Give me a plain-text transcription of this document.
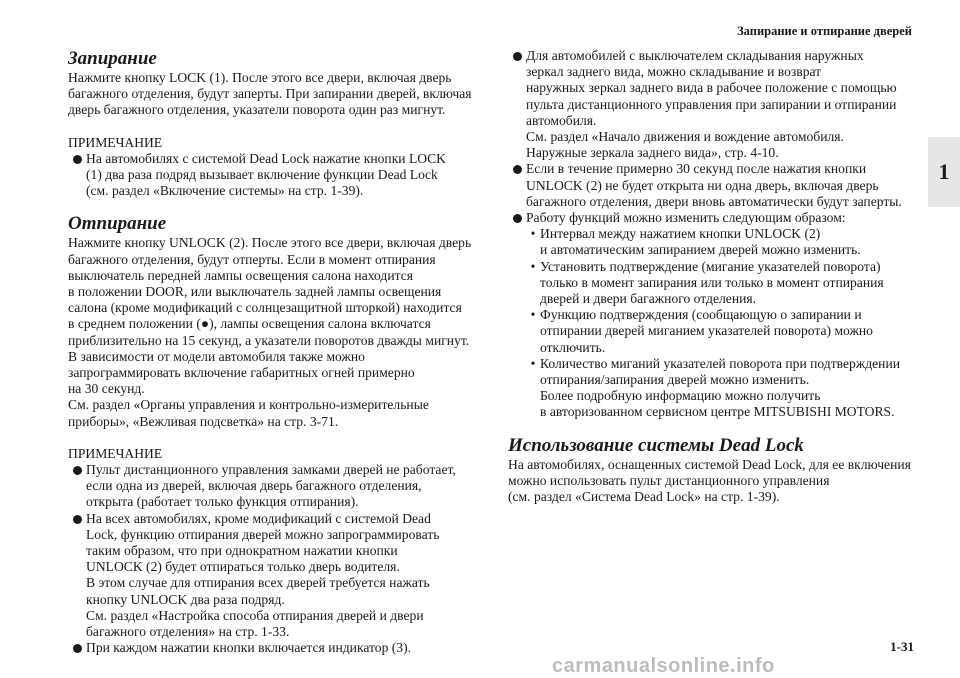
Запирание и отпирание дверей
1
Запирание

Нажмите кнопку LOCK (1). После этого все двери, включая дверь

багажного отделения, будут заперты. При запирании дверей, включая

дверь багажного отделения, указатели поворота один раз мигнут.

ПРИМЕЧАНИЕ

На автомобилях с системой Dead Lock нажатие кнопки LOCK

(1) два раза подряд вызывает включение функции Dead Lock

(см. раздел «Включение системы» на стр. 1-39).

Отпирание

Нажмите кнопку UNLOCK (2). После этого все двери, включая дверь

багажного отделения, будут отперты. Если в момент отпирания

выключатель передней лампы освещения салона находится

в положении DOOR, или выключатель задней лампы освещения

салона (кроме модификаций с солнцезащитной шторкой) находится

в среднем положении (●), лампы освещения салона включатся

приблизительно на 15 секунд, а указатели поворотов дважды мигнут.

В зависимости от модели автомобиля также можно

запрограммировать включение габаритных огней примерно

на 30 секунд.

См. раздел «Органы управления и контрольно-измерительные

приборы», «Вежливая подсветка» на стр. 3-71.

ПРИМЕЧАНИЕ

Пульт дистанционного управления замками дверей не работает,

если одна из дверей, включая дверь багажного отделения,

открыта (работает только функция отпирания).

На всех автомобилях, кроме модификаций с системой Dead

Lock, функцию отпирания дверей можно запрограммировать

таким образом, что при однократном нажатии кнопки

UNLOCK (2) будет отпираться только дверь водителя.

В этом случае для отпирания всех дверей требуется нажать

кнопку UNLOCK два раза подряд.

См. раздел «Настройка способа отпирания дверей и двери

багажного отделения» на стр. 1-33.

При каждом нажатии кнопки включается индикатор (3).

Для автомобилей с выключателем складывания наружных

зеркал заднего вида, можно складывание и возврат

наружных зеркал заднего вида в рабочее положение с помощью

пульта дистанционного управления при запирании и отпирании

автомобиля.

См. раздел «Начало движения и вождение автомобиля.

Наружные зеркала заднего вида», стр. 4-10.

Если в течение примерно 30 секунд после нажатия кнопки

UNLOCK (2) не будет открыта ни одна дверь, включая дверь

багажного отделения, двери вновь автоматически будут заперты.

Работу функций можно изменить следующим образом:

• Интервал между нажатием кнопки UNLOCK (2)

и автоматическим запиранием дверей можно изменить.

• Установить подтверждение (мигание указателей поворота)

только в момент запирания или только в момент отпирания

дверей и двери багажного отделения.

• Функцию подтверждения (сообщающую о запирании и

отпирании дверей миганием указателей поворота) можно

отключить.

• Количество миганий указателей поворота при подтверждении

отпирания/запирания дверей можно изменить.

Более подробную информацию можно получить

в авторизованном сервисном центре MITSUBISHI MOTORS.

Использование системы Dead Lock

На автомобилях, оснащенных системой Dead Lock, для ее включения

можно использовать пульт дистанционного управления

(см. раздел «Система Dead Lock» на стр. 1-39).

1-31
carmanualsonline.info
